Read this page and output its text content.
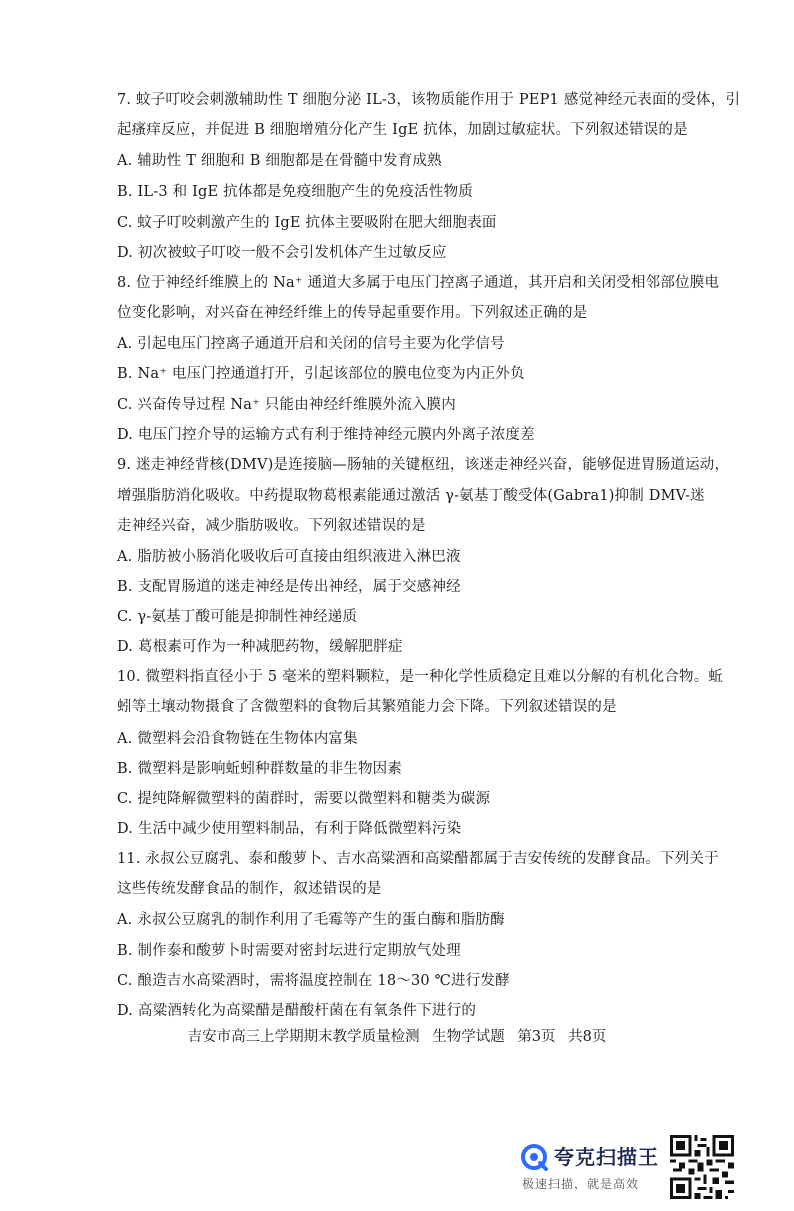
7. 蚊子叮咬会刺激辅助性 T 细胞分泌 IL-3，该物质能作用于 PEP1 感觉神经元表面的受体，引
起瘙痒反应，并促进 B 细胞增殖分化产生 IgE 抗体，加剧过敏症状。下列叙述错误的是
A. 辅助性 T 细胞和 B 细胞都是在骨髓中发育成熟
B. IL-3 和 IgE 抗体都是免疫细胞产生的免疫活性物质
C. 蚊子叮咬刺激产生的 IgE 抗体主要吸附在肥大细胞表面
D. 初次被蚊子叮咬一般不会引发机体产生过敏反应
8. 位于神经纤维膜上的 Na⁺ 通道大多属于电压门控离子通道，其开启和关闭受相邻部位膜电
位变化影响，对兴奋在神经纤维上的传导起重要作用。下列叙述正确的是
A. 引起电压门控离子通道开启和关闭的信号主要为化学信号
B. Na⁺ 电压门控通道打开，引起该部位的膜电位变为内正外负
C. 兴奋传导过程 Na⁺ 只能由神经纤维膜外流入膜内
D. 电压门控介导的运输方式有利于维持神经元膜内外离子浓度差
9. 迷走神经背核(DMV)是连接脑—肠轴的关键枢纽，该迷走神经兴奋，能够促进胃肠道运动，
增强脂肪消化吸收。中药提取物葛根素能通过激活 γ-氨基丁酸受体(Gabra1)抑制 DMV-迷
走神经兴奋，减少脂肪吸收。下列叙述错误的是
A. 脂肪被小肠消化吸收后可直接由组织液进入淋巴液
B. 支配胃肠道的迷走神经是传出神经，属于交感神经
C. γ-氨基丁酸可能是抑制性神经递质
D. 葛根素可作为一种减肥药物，缓解肥胖症
10. 微塑料指直径小于 5 毫米的塑料颗粒，是一种化学性质稳定且难以分解的有机化合物。蚯
蚓等土壤动物摄食了含微塑料的食物后其繁殖能力会下降。下列叙述错误的是
A. 微塑料会沿食物链在生物体内富集
B. 微塑料是影响蚯蚓种群数量的非生物因素
C. 提纯降解微塑料的菌群时，需要以微塑料和糖类为碳源
D. 生活中减少使用塑料制品，有利于降低微塑料污染
11. 永叔公豆腐乳、泰和酸萝卜、吉水高粱酒和高粱醋都属于吉安传统的发酵食品。下列关于
这些传统发酵食品的制作，叙述错误的是
A. 永叔公豆腐乳的制作利用了毛霉等产生的蛋白酶和脂肪酶
B. 制作泰和酸萝卜时需要对密封坛进行定期放气处理
C. 酿造吉水高粱酒时，需将温度控制在 18～30 ℃进行发酵
D. 高粱酒转化为高粱醋是醋酸杆菌在有氧条件下进行的
吉安市高三上学期期末教学质量检测 生物学试题 第3页 共8页
夸克扫描王
极速扫描，就是高效
